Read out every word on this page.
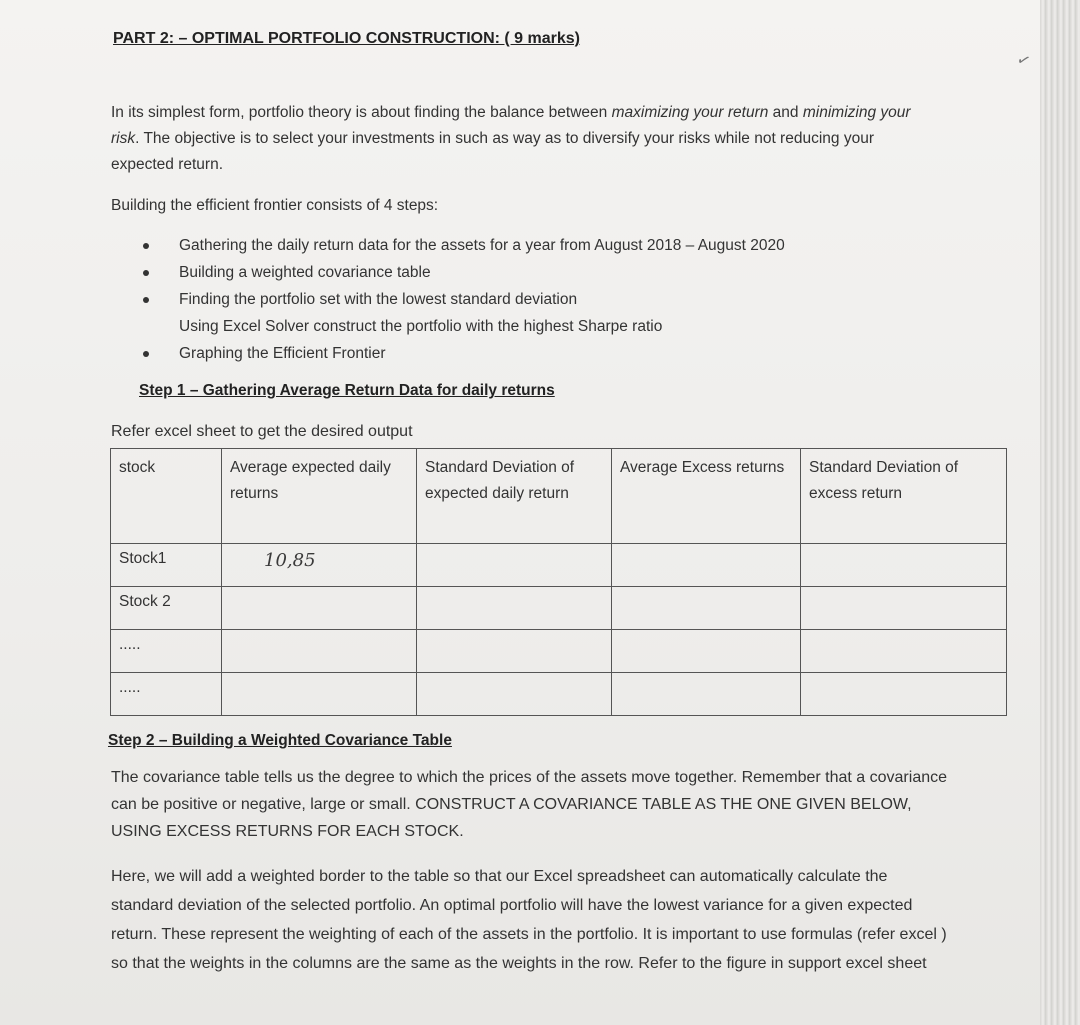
✓
PART 2: – OPTIMAL PORTFOLIO CONSTRUCTION: ( 9 marks)
In its simplest form, portfolio theory is about finding the balance between maximizing your return and minimizing your risk. The objective is to select your investments in such as way as to diversify your risks while not reducing your expected return.
Building the efficient frontier consists of 4 steps:
Gathering the daily return data for the assets for a year from August 2018 – August 2020
Building a weighted covariance table
Finding the portfolio set with the lowest standard deviation
Using Excel Solver construct the portfolio with the highest Sharpe ratio
Graphing the Efficient Frontier
Step 1 – Gathering Average Return Data for daily returns
Refer excel sheet to get the desired output
stock	Average expected daily returns	Standard Deviation of expected daily return	Average Excess returns	Standard Deviation of excess return
Stock1	10,85			
Stock 2				
.....				
.....				
Step 2 – Building a Weighted Covariance Table
The covariance table tells us the degree to which the prices of the assets move together. Remember that a covariance can be positive or negative, large or small. CONSTRUCT A COVARIANCE TABLE AS THE ONE GIVEN BELOW, USING EXCESS RETURNS FOR EACH STOCK.
Here, we will add a weighted border to the table so that our Excel spreadsheet can automatically calculate the standard deviation of the selected portfolio. An optimal portfolio will have the lowest variance for a given expected return. These represent the weighting of each of the assets in the portfolio. It is important to use formulas (refer excel ) so that the weights in the columns are the same as the weights in the row. Refer to the figure in support excel sheet
